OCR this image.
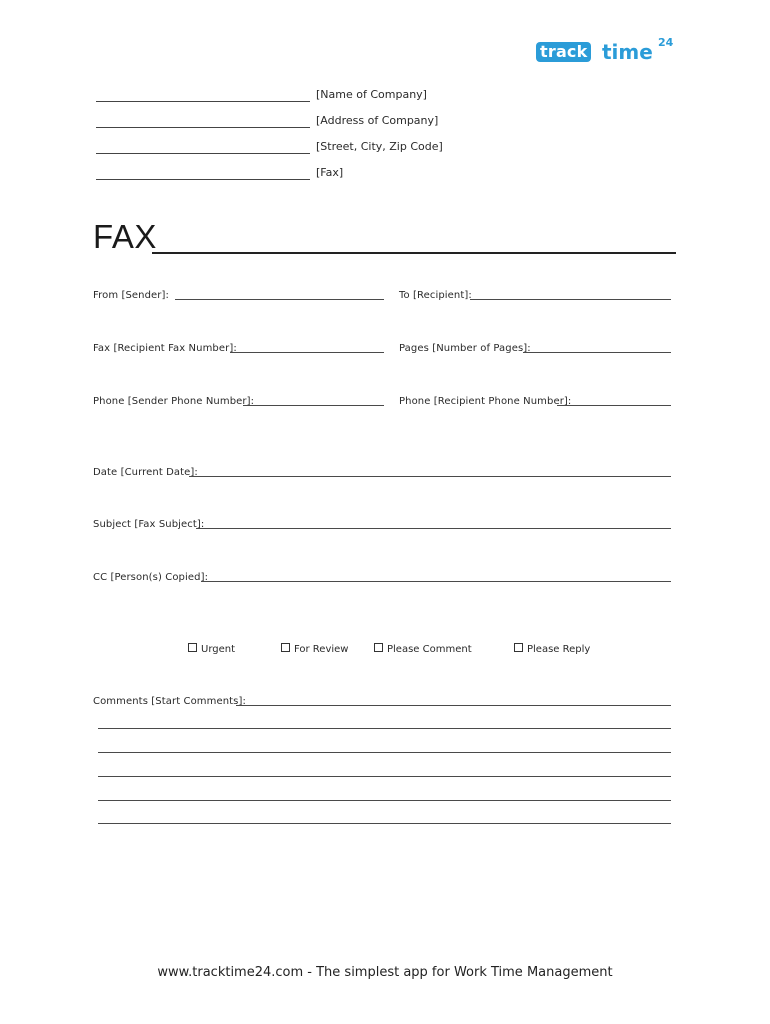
track time 24
[Name of Company]
[Address of Company]
[Street, City, Zip Code]
[Fax]
FAX
From [Sender]:	To [Recipient]:
Fax [Recipient Fax Number]:	Pages [Number of Pages]:
Phone [Sender Phone Number]:	Phone [Recipient Phone Number]:
Date [Current Date]:
Subject [Fax Subject]:
CC [Person(s) Copied]:
Urgent	For Review	Please Comment	Please Reply
Comments [Start Comments]:
www.tracktime24.com - The simplest app for Work Time Management
